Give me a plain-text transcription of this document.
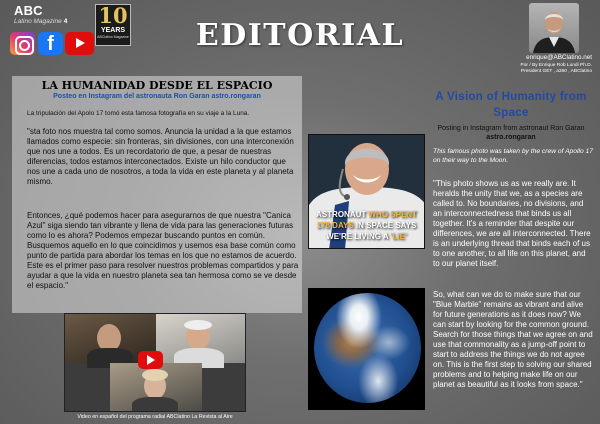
ABC
Latino Magazine 4 10
YEARS
ABClatino Magazine
f	EDITORIAL
enrique@ABClatino.net
Por / By Enrique Rob Lundi Ph.D.
President GET , a360 , ABClatino
LA HUMANIDAD DESDE EL ESPACIO
Posteo en Instagram del astronauta Ron Garan astro.rongaran
La tripulación del Apolo 17 tomó esta famosa fotografía en su viaje a la Luna.
"sta foto nos muestra tal como somos. Anuncia la unidad a la que estamos llamados como especie: sin fronteras, sin divisiones, con una interconexión que nos une a todos. Es un recordatorio de que, a pesar de nuestras diferencias, todos estamos interconectados. Existe un hilo conductor que nos une a cada uno de nosotros, a toda la vida en este planeta y al planeta mismo.
Entonces, ¿qué podemos hacer para asegurarnos de que nuestra "Canica Azul" siga siendo tan vibrante y llena de vida para las generaciones futuras como lo es ahora? Podemos empezar buscando puntos en común. Busquemos aquello en lo que coincidimos y usemos esa base común como punto de partida para abordar los temas en los que no estamos de acuerdo. Este es el primer paso para resolver nuestros problemas compartidos y para ayudar a que la vida en nuestro planeta sea tan hermosa como se ve desde el espacio."
Video en español del programa radial ABClatino La Revista al Aire
ASTRONAUT WHO SPENT 178 DAYS IN SPACE SAYS WE'RE LIVING A 'LIE'
A Vision of Humanity from Space
Posting in Instagram from astronaut Ron Garan astro.rongaran
This famous photo was taken by the crew of Apollo 17 on their way to the Moon.
"This photo shows us as we really are. It heralds the unity that we, as a species are called to. No boundaries, no divisions, and an interconnectedness that binds us all together. It's a reminder that despite our differences, we are all interconnected. There is an underlying thread that binds each of us to one another, to all life on this planet, and to our planet itself.
So, what can we do to make sure that our "Blue Marble" remains as vibrant and alive for future generations as it does now? We can start by looking for the common ground. Search for those things that we agree on and use that commonality as a jump-off point to start to address the things we do not agree on. This is the first step to solving our shared problems and to helping make life on our planet as beautiful as it looks from space."
